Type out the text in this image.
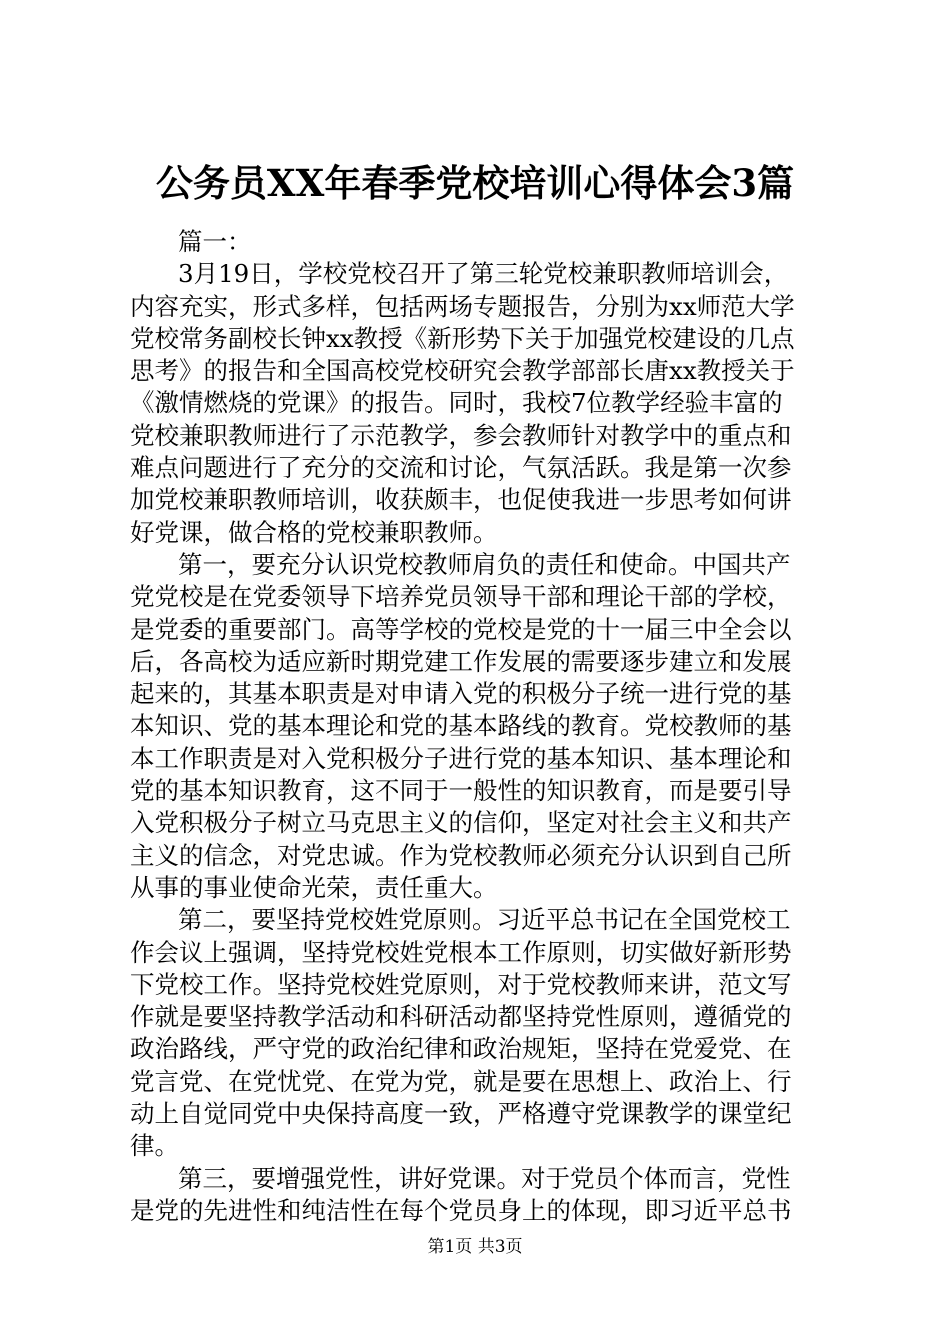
公务员XX年春季党校培训心得体会3篇
篇一：
3月19日，学校党校召开了第三轮党校兼职教师培训会，
内容充实，形式多样，包括两场专题报告，分别为xx师范大学
党校常务副校长钟xx教授《新形势下关于加强党校建设的几点
思考》的报告和全国高校党校研究会教学部部长唐xx教授关于
《激情燃烧的党课》的报告。同时，我校7位教学经验丰富的
党校兼职教师进行了示范教学，参会教师针对教学中的重点和
难点问题进行了充分的交流和讨论，气氛活跃。我是第一次参
加党校兼职教师培训，收获颇丰，也促使我进一步思考如何讲
好党课，做合格的党校兼职教师。
第一，要充分认识党校教师肩负的责任和使命。中国共产
党党校是在党委领导下培养党员领导干部和理论干部的学校，
是党委的重要部门。高等学校的党校是党的十一届三中全会以
后，各高校为适应新时期党建工作发展的需要逐步建立和发展
起来的，其基本职责是对申请入党的积极分子统一进行党的基
本知识、党的基本理论和党的基本路线的教育。党校教师的基
本工作职责是对入党积极分子进行党的基本知识、基本理论和
党的基本知识教育，这不同于一般性的知识教育，而是要引导
入党积极分子树立马克思主义的信仰，坚定对社会主义和共产
主义的信念，对党忠诚。作为党校教师必须充分认识到自己所
从事的事业使命光荣，责任重大。
第二，要坚持党校姓党原则。习近平总书记在全国党校工
作会议上强调，坚持党校姓党根本工作原则，切实做好新形势
下党校工作。坚持党校姓党原则，对于党校教师来讲，范文写
作就是要坚持教学活动和科研活动都坚持党性原则，遵循党的
政治路线，严守党的政治纪律和政治规矩，坚持在党爱党、在
党言党、在党忧党、在党为党，就是要在思想上、政治上、行
动上自觉同党中央保持高度一致，严格遵守党课教学的课堂纪
律。
第三，要增强党性，讲好党课。对于党员个体而言，党性
是党的先进性和纯洁性在每个党员身上的体现，即习近平总书
第1页 共3页
